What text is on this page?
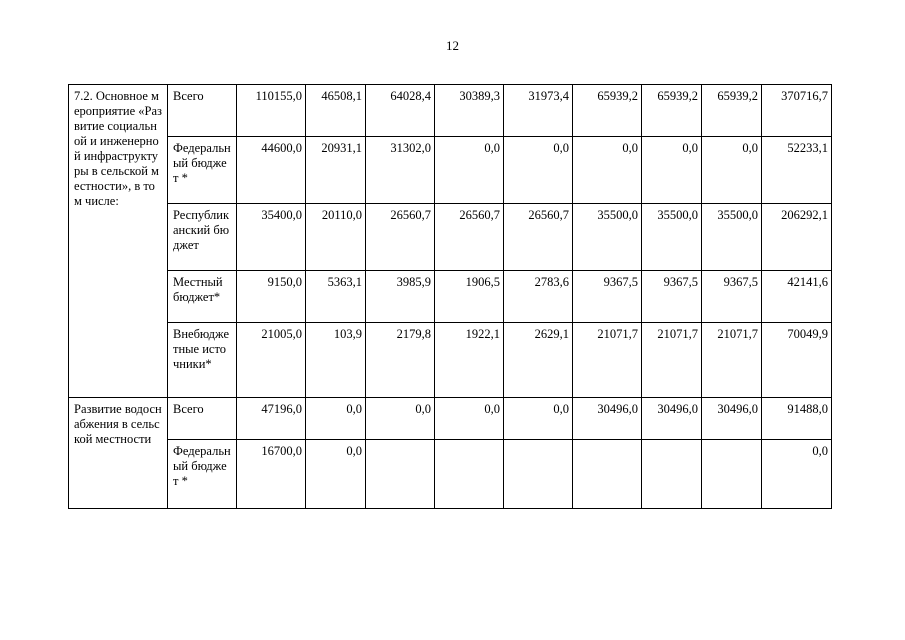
12
7.2. Основное мероприятие «Развитие социальной и инженерной инфраструктуры в сельской местности», в том числе:	Всего	110155,0	46508,1	64028,4	30389,3	31973,4	65939,2	65939,2	65939,2	370716,7
	Федеральный бюджет *	44600,0	20931,1	31302,0	0,0	0,0	0,0	0,0	0,0	52233,1
	Республиканский бюджет	35400,0	20110,0	26560,7	26560,7	26560,7	35500,0	35500,0	35500,0	206292,1
	Местный бюджет*	9150,0	5363,1	3985,9	1906,5	2783,6	9367,5	9367,5	9367,5	42141,6
	Внебюджетные источники*	21005,0	103,9	2179,8	1922,1	2629,1	21071,7	21071,7	21071,7	70049,9
Развитие водоснабжения в сельской местности	Всего	47196,0	0,0	0,0	0,0	0,0	30496,0	30496,0	30496,0	91488,0
	Федеральный бюджет *	16700,0	0,0							0,0
